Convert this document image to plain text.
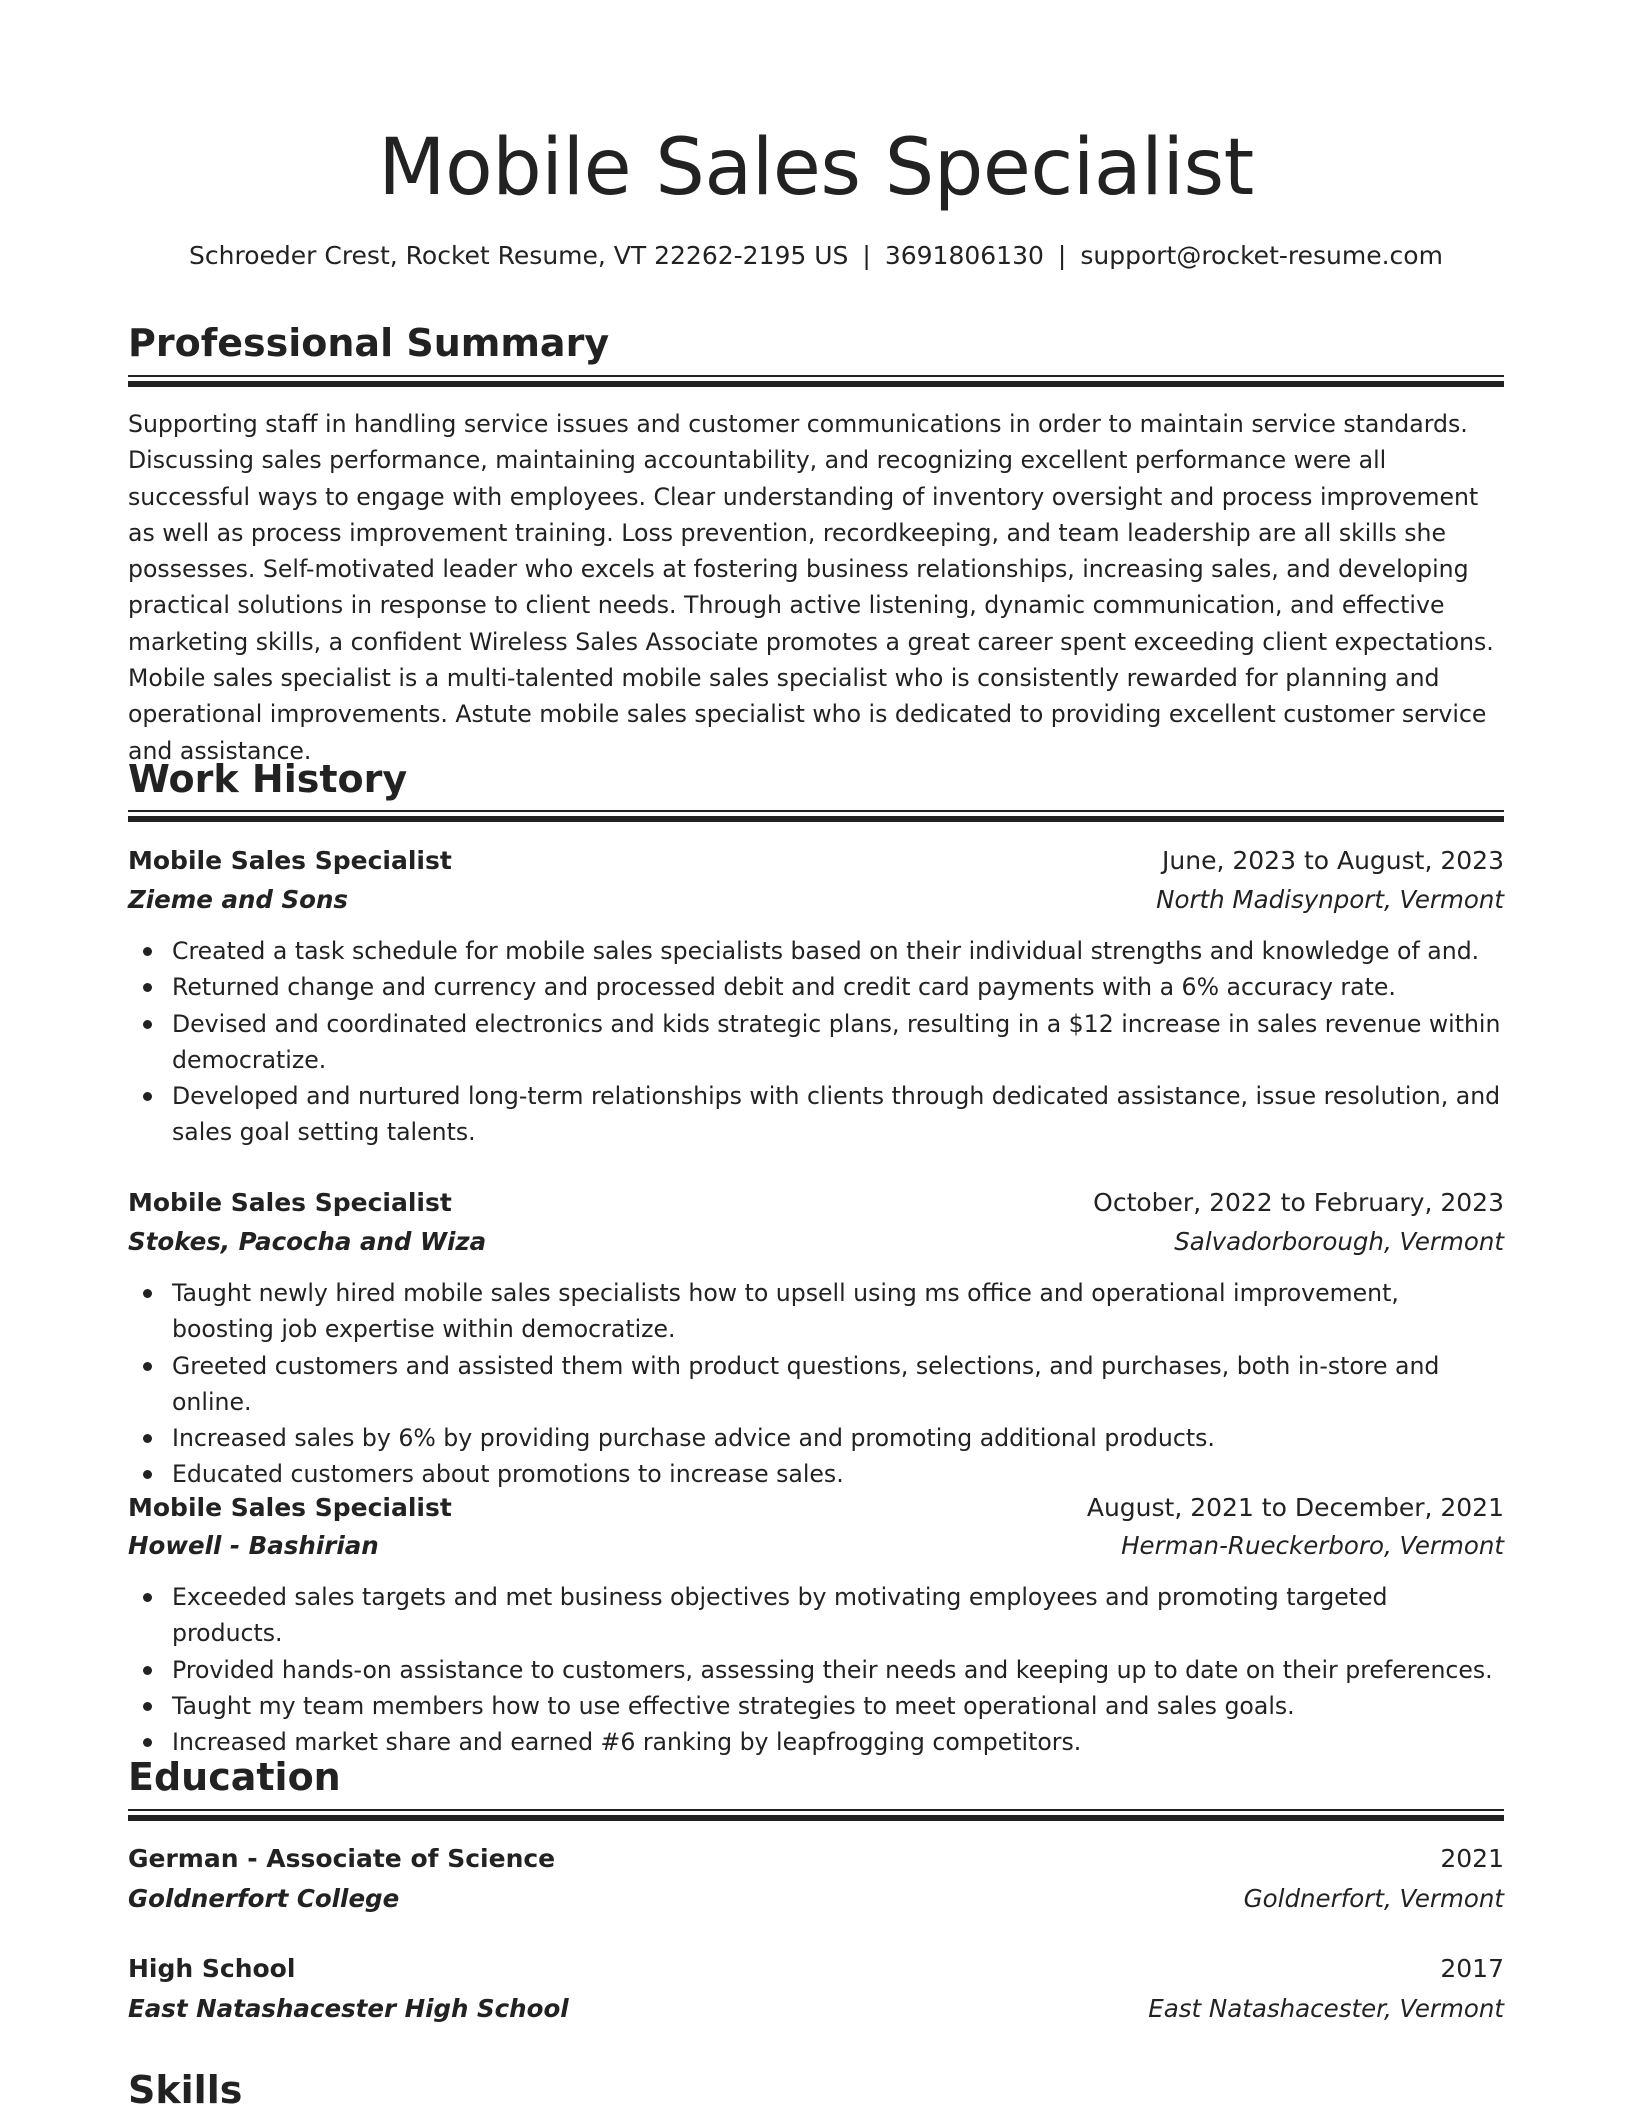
Mobile Sales Specialist
Schroeder Crest, Rocket Resume, VT 22262-2195 US | 3691806130 | support@rocket-resume.com
Professional Summary

Supporting staff in handling service issues and customer communications in order to maintain service standards. Discussing sales performance, maintaining accountability, and recognizing excellent performance were all successful ways to engage with employees. Clear understanding of inventory oversight and process improvement as well as process improvement training. Loss prevention, recordkeeping, and team leadership are all skills she possesses. Self-motivated leader who excels at fostering business relationships, increasing sales, and developing practical solutions in response to client needs. Through active listening, dynamic communication, and effective marketing skills, a confident Wireless Sales Associate promotes a great career spent exceeding client expectations. Mobile sales specialist is a multi-talented mobile sales specialist who is consistently rewarded for planning and operational improvements. Astute mobile sales specialist who is dedicated to providing excellent customer service and assistance.

Work History
Mobile Sales Specialist	June, 2023 to August, 2023
Zieme and Sons	North Madisynport, Vermont
Created a task schedule for mobile sales specialists based on their individual strengths and knowledge of and.
Returned change and currency and processed debit and credit card payments with a 6% accuracy rate.
Devised and coordinated electronics and kids strategic plans, resulting in a $12 increase in sales revenue within democratize.
Developed and nurtured long-term relationships with clients through dedicated assistance, issue resolution, and sales goal setting talents.
Mobile Sales Specialist	October, 2022 to February, 2023
Stokes, Pacocha and Wiza	Salvadorborough, Vermont
Taught newly hired mobile sales specialists how to upsell using ms office and operational improvement, boosting job expertise within democratize.
Greeted customers and assisted them with product questions, selections, and purchases, both in-store and online.
Increased sales by 6% by providing purchase advice and promoting additional products.
Educated customers about promotions to increase sales.
Mobile Sales Specialist	August, 2021 to December, 2021
Howell - Bashirian	Herman-Rueckerboro, Vermont
Exceeded sales targets and met business objectives by motivating employees and promoting targeted products.
Provided hands-on assistance to customers, assessing their needs and keeping up to date on their preferences.
Taught my team members how to use effective strategies to meet operational and sales goals.
Increased market share and earned #6 ranking by leapfrogging competitors.
Education
German - Associate of Science	2021
Goldnerfort College	Goldnerfort, Vermont
High School	2017
East Natashacester High School	East Natashacester, Vermont
Skills
